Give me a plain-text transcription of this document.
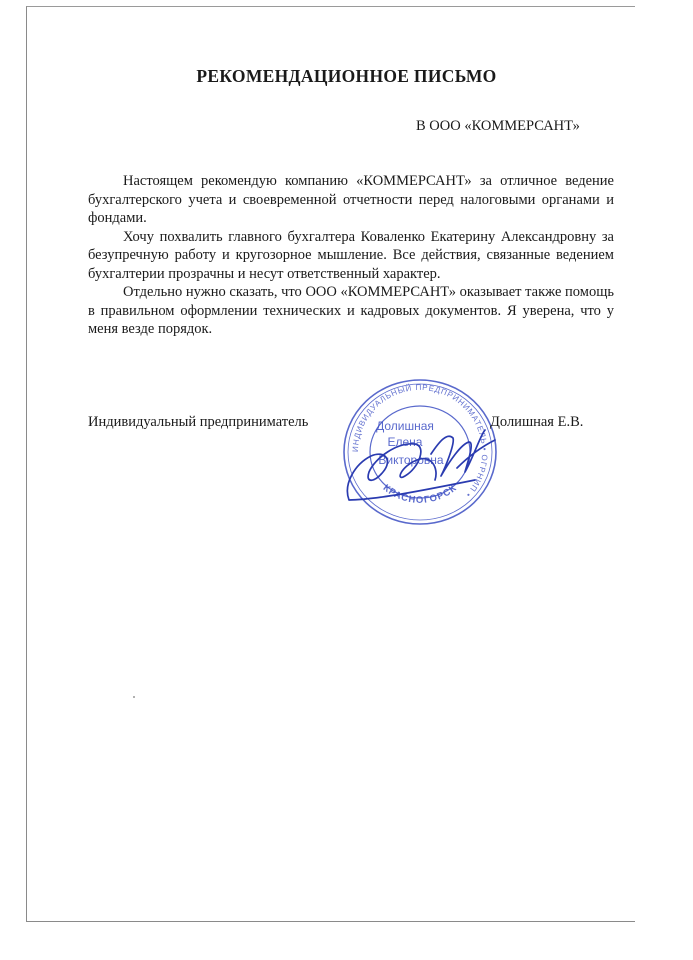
РЕКОМЕНДАЦИОННОЕ ПИСЬМО
В ООО «КОММЕРСАНТ»

Настоящем рекомендую компанию «КОММЕРСАНТ» за отличное ведение бухгалтерского учета и своевременной отчетности перед налоговыми органами и фондами.

Хочу похвалить главного бухгалтера Коваленко Екатерину Александровну за безупречную работу и кругозорное мышление. Все действия, связанные ведением бухгалтерии прозрачны и несут ответственный характер.

Отдельно нужно сказать, что ООО «КОММЕРСАНТ» оказывает также помощь в правильном оформлении технических и кадровых документов. Я уверена, что у меня везде порядок.

Индивидуальный предприниматель
ИНДИВИДУАЛЬНЫЙ ПРЕДПРИНИМАТЕЛЬ • ОГРНИП •
КРАСНОГОРСК
Долишная
Елена
Викторовна
Долишная Е.В.
